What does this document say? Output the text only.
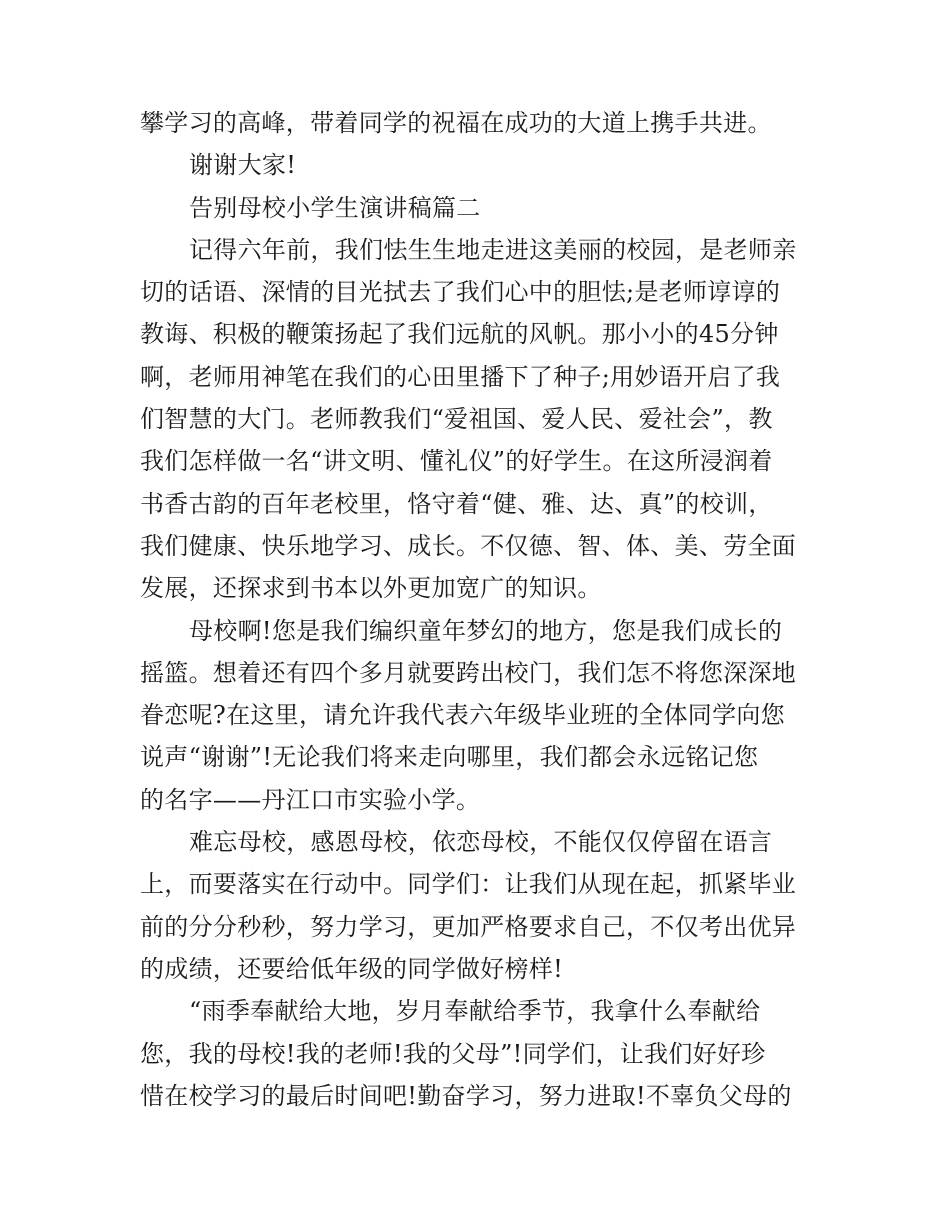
攀学习的高峰，带着同学的祝福在成功的大道上携手共进。
谢谢大家!
告别母校小学生演讲稿篇二
记得六年前，我们怯生生地走进这美丽的校园，是老师亲
切的话语、深情的目光拭去了我们心中的胆怯;是老师谆谆的
教诲、积极的鞭策扬起了我们远航的风帆。那小小的45分钟
啊，老师用神笔在我们的心田里播下了种子;用妙语开启了我
们智慧的大门。老师教我们“爱祖国、爱人民、爱社会”，教
我们怎样做一名“讲文明、懂礼仪”的好学生。在这所浸润着
书香古韵的百年老校里，恪守着“健、雅、达、真”的校训，
我们健康、快乐地学习、成长。不仅德、智、体、美、劳全面
发展，还探求到书本以外更加宽广的知识。
母校啊!您是我们编织童年梦幻的地方，您是我们成长的
摇篮。想着还有四个多月就要跨出校门，我们怎不将您深深地
眷恋呢?在这里，请允许我代表六年级毕业班的全体同学向您
说声“谢谢”!无论我们将来走向哪里，我们都会永远铭记您
的名字——丹江口市实验小学。
难忘母校，感恩母校，依恋母校，不能仅仅停留在语言
上，而要落实在行动中。同学们：让我们从现在起，抓紧毕业
前的分分秒秒，努力学习，更加严格要求自己，不仅考出优异
的成绩，还要给低年级的同学做好榜样!
“雨季奉献给大地，岁月奉献给季节，我拿什么奉献给
您，我的母校!我的老师!我的父母”!同学们，让我们好好珍
惜在校学习的最后时间吧!勤奋学习，努力进取!不辜负父母的
